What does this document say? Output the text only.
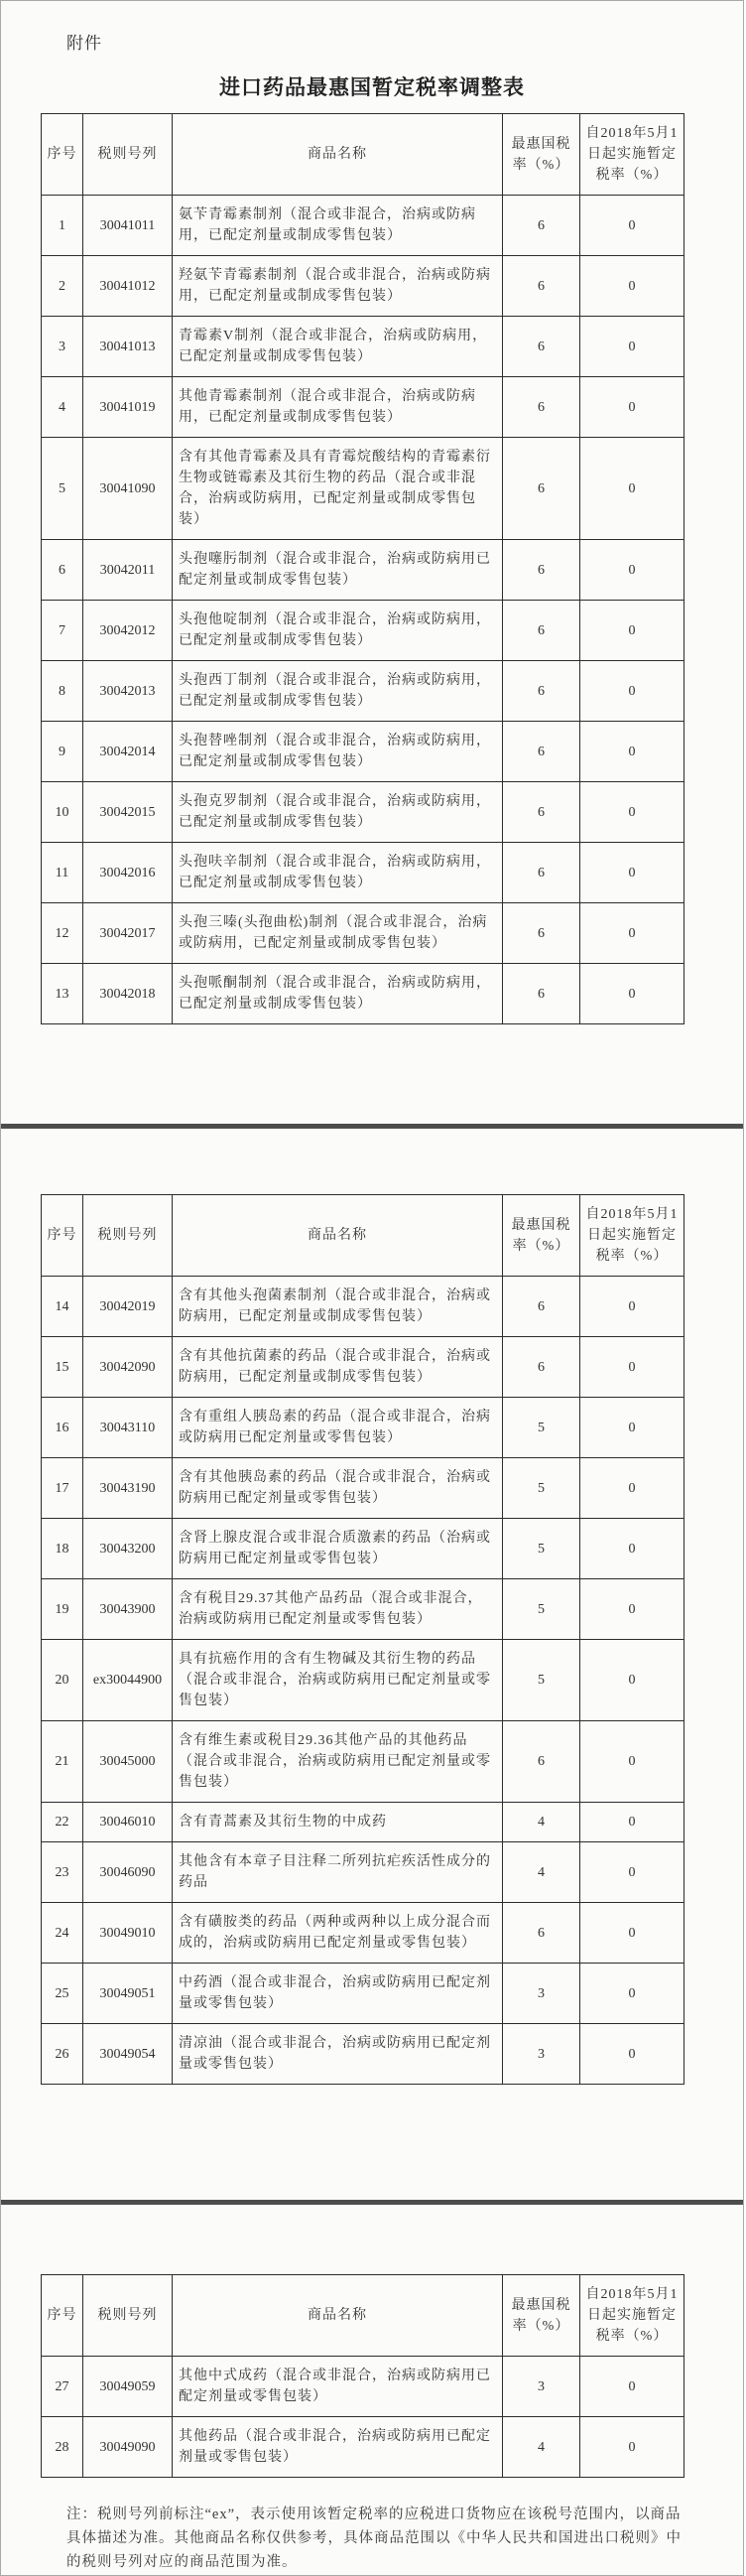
附件
进口药品最惠国暂定税率调整表
序号	税则号列	商品名称	最惠国税率（%）	自2018年5月1日起实施暂定税率（%）
1	30041011	氨苄青霉素制剂（混合或非混合，治病或防病用，已配定剂量或制成零售包装）	6	0
2	30041012	羟氨苄青霉素制剂（混合或非混合，治病或防病用，已配定剂量或制成零售包装）	6	0
3	30041013	青霉素V制剂（混合或非混合，治病或防病用，已配定剂量或制成零售包装）	6	0
4	30041019	其他青霉素制剂（混合或非混合，治病或防病用，已配定剂量或制成零售包装）	6	0
5	30041090	含有其他青霉素及具有青霉烷酸结构的青霉素衍生物或链霉素及其衍生物的药品（混合或非混合，治病或防病用，已配定剂量或制成零售包装）	6	0
6	30042011	头孢噻肟制剂（混合或非混合，治病或防病用已配定剂量或制成零售包装）	6	0
7	30042012	头孢他啶制剂（混合或非混合，治病或防病用，已配定剂量或制成零售包装）	6	0
8	30042013	头孢西丁制剂（混合或非混合，治病或防病用，已配定剂量或制成零售包装）	6	0
9	30042014	头孢替唑制剂（混合或非混合，治病或防病用，已配定剂量或制成零售包装）	6	0
10	30042015	头孢克罗制剂（混合或非混合，治病或防病用，已配定剂量或制成零售包装）	6	0
11	30042016	头孢呋辛制剂（混合或非混合，治病或防病用，已配定剂量或制成零售包装）	6	0
12	30042017	头孢三嗪(头孢曲松)制剂（混合或非混合，治病或防病用，已配定剂量或制成零售包装）	6	0
13	30042018	头孢哌酮制剂（混合或非混合，治病或防病用，已配定剂量或制成零售包装）	6	0
序号	税则号列	商品名称	最惠国税率（%）	自2018年5月1日起实施暂定税率（%）
14	30042019	含有其他头孢菌素制剂（混合或非混合，治病或防病用，已配定剂量或制成零售包装）	6	0
15	30042090	含有其他抗菌素的药品（混合或非混合，治病或防病用，已配定剂量或制成零售包装）	6	0
16	30043110	含有重组人胰岛素的药品（混合或非混合，治病或防病用已配定剂量或零售包装）	5	0
17	30043190	含有其他胰岛素的药品（混合或非混合，治病或防病用已配定剂量或零售包装）	5	0
18	30043200	含肾上腺皮混合或非混合质激素的药品（治病或防病用已配定剂量或零售包装）	5	0
19	30043900	含有税目29.37其他产品药品（混合或非混合，治病或防病用已配定剂量或零售包装）	5	0
20	ex30044900	具有抗癌作用的含有生物碱及其衍生物的药品（混合或非混合，治病或防病用已配定剂量或零售包装）	5	0
21	30045000	含有维生素或税目29.36其他产品的其他药品（混合或非混合，治病或防病用已配定剂量或零售包装）	6	0
22	30046010	含有青蒿素及其衍生物的中成药	4	0
23	30046090	其他含有本章子目注释二所列抗疟疾活性成分的药品	4	0
24	30049010	含有磺胺类的药品（两种或两种以上成分混合而成的，治病或防病用已配定剂量或零售包装）	6	0
25	30049051	中药酒（混合或非混合，治病或防病用已配定剂量或零售包装）	3	0
26	30049054	清凉油（混合或非混合，治病或防病用已配定剂量或零售包装）	3	0
序号	税则号列	商品名称	最惠国税率（%）	自2018年5月1日起实施暂定税率（%）
27	30049059	其他中式成药（混合或非混合，治病或防病用已配定剂量或零售包装）	3	0
28	30049090	其他药品（混合或非混合，治病或防病用已配定剂量或零售包装）	4	0

注：税则号列前标注“ex”，表示使用该暂定税率的应税进口货物应在该税号范围内，以商品具体描述为准。其他商品名称仅供参考，具体商品范围以《中华人民共和国进出口税则》中的税则号列对应的商品范围为准。
